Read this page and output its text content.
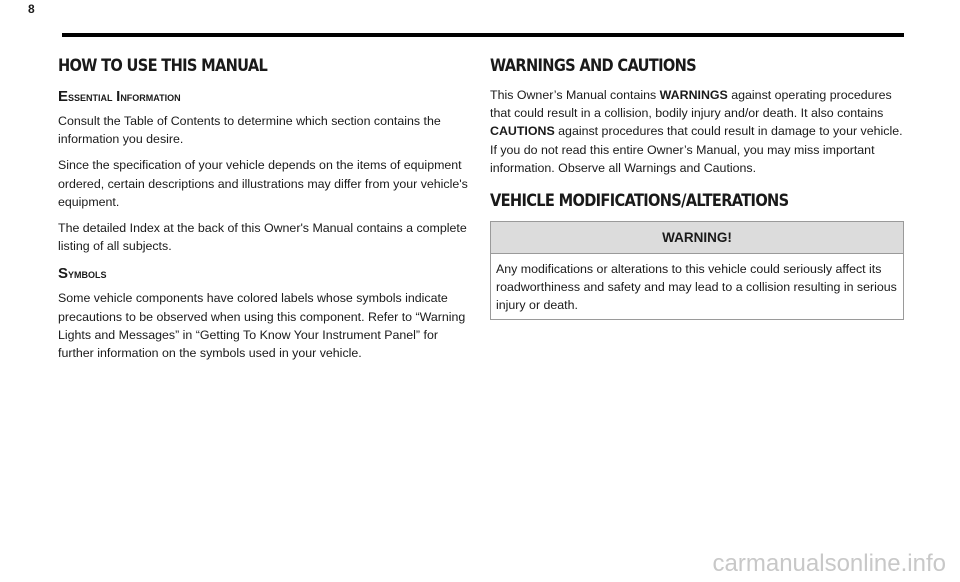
8
HOW TO USE THIS MANUAL
Essential Information

Consult the Table of Contents to determine which section contains the information you desire.

Since the specification of your vehicle depends on the items of equipment ordered, certain descriptions and illustrations may differ from your vehicle's equipment.

The detailed Index at the back of this Owner's Manual contains a complete listing of all subjects.

Symbols

Some vehicle components have colored labels whose symbols indicate precautions to be observed when using this component. Refer to “Warning Lights and Messages” in “Getting To Know Your Instrument Panel” for further information on the symbols used in your vehicle.

WARNINGS AND CAUTIONS

This Owner’s Manual contains WARNINGS against operating procedures that could result in a collision, bodily injury and/or death. It also contains CAUTIONS against procedures that could result in damage to your vehicle. If you do not read this entire Owner’s Manual, you may miss important information. Observe all Warnings and Cautions.

VEHICLE MODIFICATIONS/ALTERATIONS
WARNING!

Any modifications or alterations to this vehicle could seriously affect its roadworthiness and safety and may lead to a collision resulting in serious injury or death.

carmanualsonline.info
